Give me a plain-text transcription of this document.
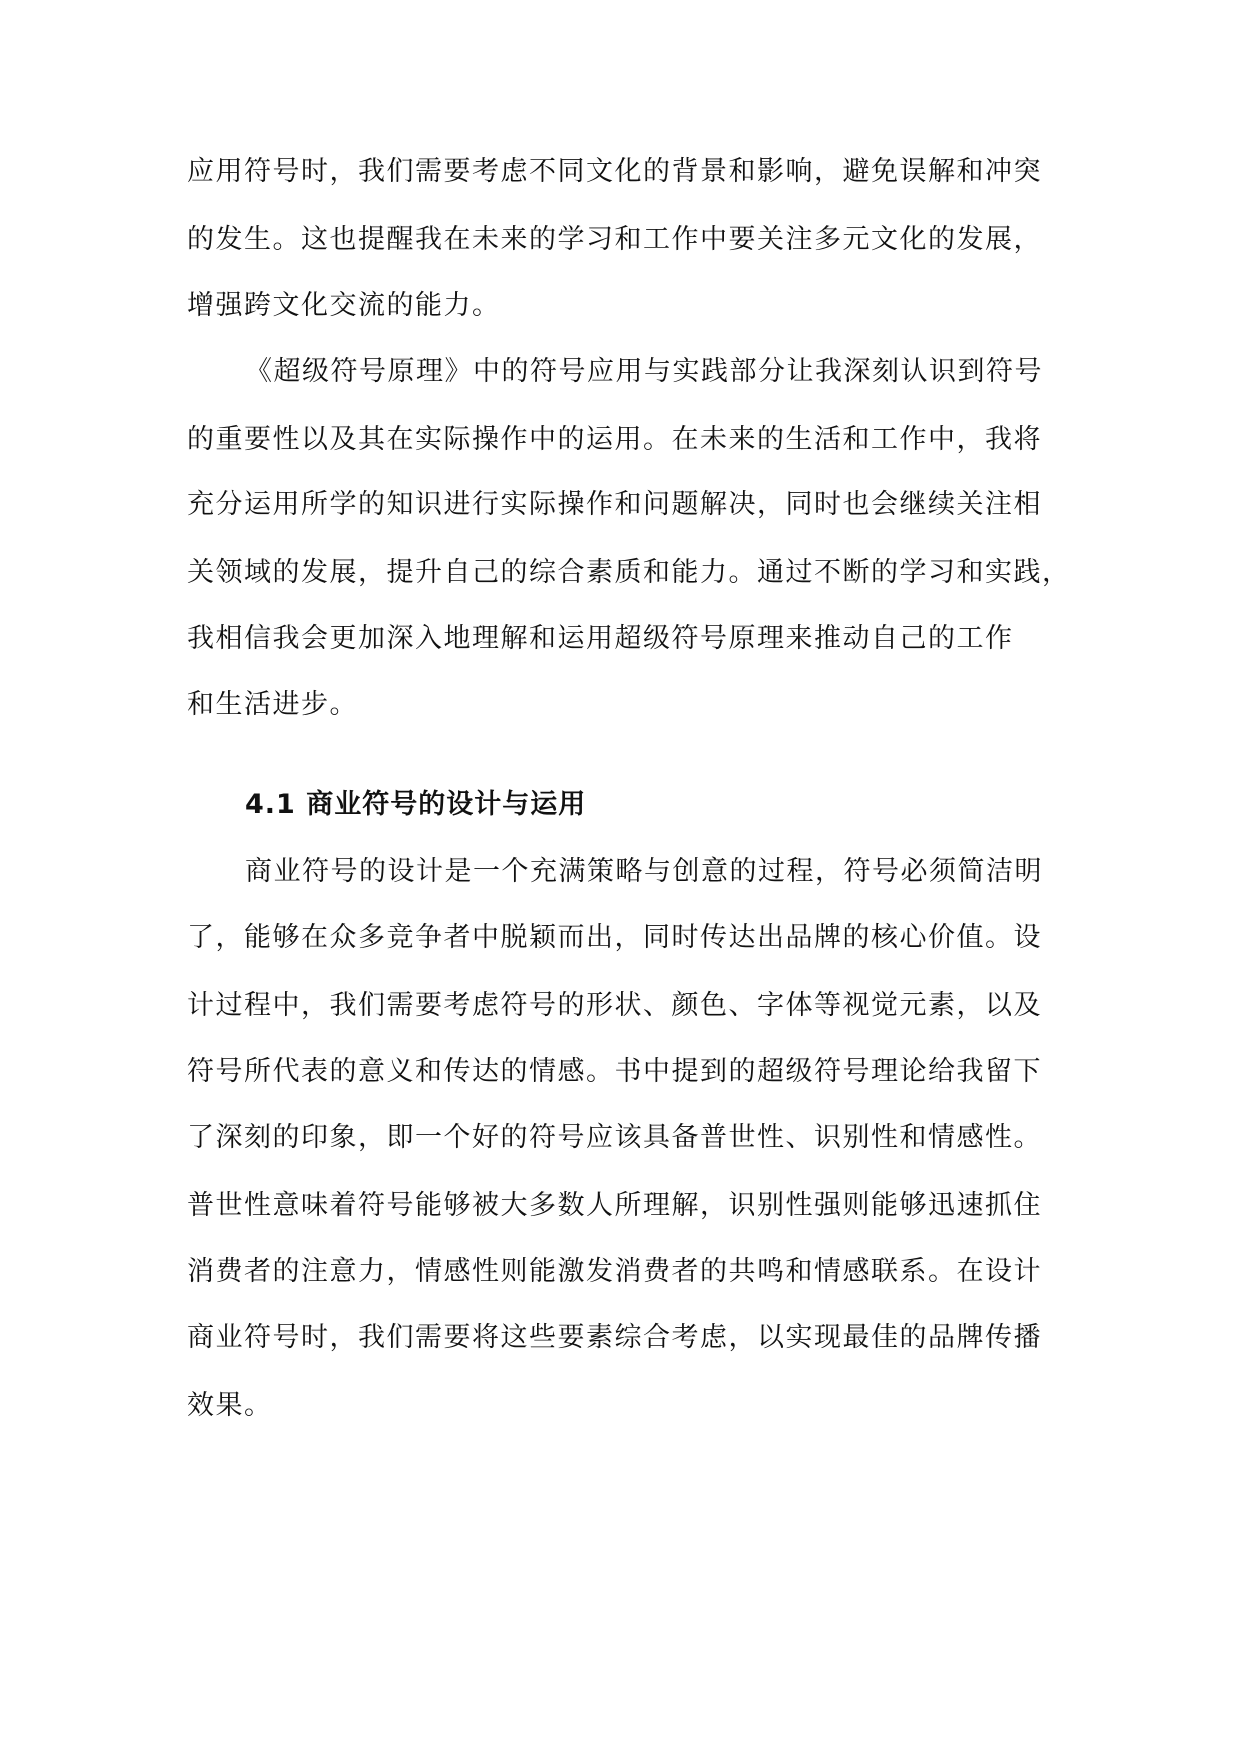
应用符号时，我们需要考虑不同文化的背景和影响，避免误解和冲突
的发生。这也提醒我在未来的学习和工作中要关注多元文化的发展，
增强跨文化交流的能力。
《超级符号原理》中的符号应用与实践部分让我深刻认识到符号
的重要性以及其在实际操作中的运用。在未来的生活和工作中，我将
充分运用所学的知识进行实际操作和问题解决，同时也会继续关注相
关领域的发展，提升自己的综合素质和能力。通过不断的学习和实践，
我相信我会更加深入地理解和运用超级符号原理来推动自己的工作
和生活进步。
4.1 商业符号的设计与运用
商业符号的设计是一个充满策略与创意的过程，符号必须简洁明
了，能够在众多竞争者中脱颖而出，同时传达出品牌的核心价值。设
计过程中，我们需要考虑符号的形状、颜色、字体等视觉元素，以及
符号所代表的意义和传达的情感。书中提到的超级符号理论给我留下
了深刻的印象，即一个好的符号应该具备普世性、识别性和情感性。
普世性意味着符号能够被大多数人所理解，识别性强则能够迅速抓住
消费者的注意力，情感性则能激发消费者的共鸣和情感联系。在设计
商业符号时，我们需要将这些要素综合考虑，以实现最佳的品牌传播
效果。
